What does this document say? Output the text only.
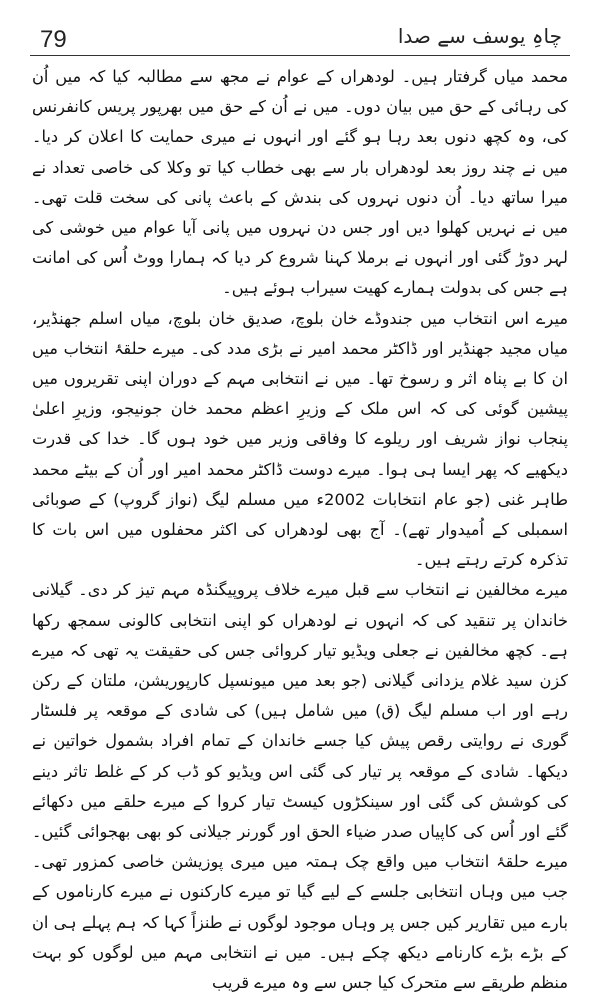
79	چاہِ یوسف سے صدا

محمد میاں گرفتار ہیں۔ لودھراں کے عوام نے مجھ سے مطالبہ کیا کہ میں اُن کی رہائی کے حق میں بیان دوں۔ میں نے اُن کے حق میں بھرپور پریس کانفرنس کی، وہ کچھ دنوں بعد رہا ہو گئے اور انہوں نے میری حمایت کا اعلان کر دیا۔ میں نے چند روز بعد لودھراں بار سے بھی خطاب کیا تو وکلا کی خاصی تعداد نے میرا ساتھ دیا۔ اُن دنوں نہروں کی بندش کے باعث پانی کی سخت قلت تھی۔ میں نے نہریں کھلوا دیں اور جس دن نہروں میں پانی آیا عوام میں خوشی کی لہر دوڑ گئی اور انہوں نے برملا کہنا شروع کر دیا کہ ہمارا ووٹ اُس کی امانت ہے جس کی بدولت ہمارے کھیت سیراب ہوئے ہیں۔

میرے اس انتخاب میں جندوڈے خان بلوچ، صدیق خان بلوچ، میاں اسلم جھنڈیر، میاں مجید جھنڈیر اور ڈاکٹر محمد امیر نے بڑی مدد کی۔ میرے حلقۂ انتخاب میں ان کا بے پناہ اثر و رسوخ تھا۔ میں نے انتخابی مہم کے دوران اپنی تقریروں میں پیشین گوئی کی کہ اس ملک کے وزیرِ اعظم محمد خان جونیجو، وزیرِ اعلیٰ پنجاب نواز شریف اور ریلوے کا وفاقی وزیر میں خود ہوں گا۔ خدا کی قدرت دیکھیے کہ پھر ایسا ہی ہوا۔ میرے دوست ڈاکٹر محمد امیر اور اُن کے بیٹے محمد طاہر غنی (جو عام انتخابات 2002ء میں مسلم لیگ (نواز گروپ) کے صوبائی اسمبلی کے اُمیدوار تھے)۔ آج بھی لودھراں کی اکثر محفلوں میں اس بات کا تذکرہ کرتے رہتے ہیں۔

میرے مخالفین نے انتخاب سے قبل میرے خلاف پروپیگنڈہ مہم تیز کر دی۔ گیلانی خاندان پر تنقید کی کہ انہوں نے لودھراں کو اپنی انتخابی کالونی سمجھ رکھا ہے۔ کچھ مخالفین نے جعلی ویڈیو تیار کروائی جس کی حقیقت یہ تھی کہ میرے کزن سید غلام یزدانی گیلانی (جو بعد میں میونسپل کارپوریشن، ملتان کے رکن رہے اور اب مسلم لیگ (ق) میں شامل ہیں) کی شادی کے موقعہ پر فلسٹار گوری نے روایتی رقص پیش کیا جسے خاندان کے تمام افراد بشمول خواتین نے دیکھا۔ شادی کے موقعہ پر تیار کی گئی اس ویڈیو کو ڈب کر کے غلط تاثر دینے کی کوشش کی گئی اور سینکڑوں کیسٹ تیار کروا کے میرے حلقے میں دکھائے گئے اور اُس کی کاپیاں صدر ضیاء الحق اور گورنر جیلانی کو بھی بھجوائی گئیں۔ میرے حلقۂ انتخاب میں واقع چک ہمتہ میں میری پوزیشن خاصی کمزور تھی۔ جب میں وہاں انتخابی جلسے کے لیے گیا تو میرے کارکنوں نے میرے کارناموں کے بارے میں تقاریر کیں جس پر وہاں موجود لوگوں نے طنزاً کہا کہ ہم پہلے ہی ان کے بڑے بڑے کارنامے دیکھ چکے ہیں۔ میں نے انتخابی مہم میں لوگوں کو بہت منظم طریقے سے متحرک کیا جس سے وہ میرے قریب
